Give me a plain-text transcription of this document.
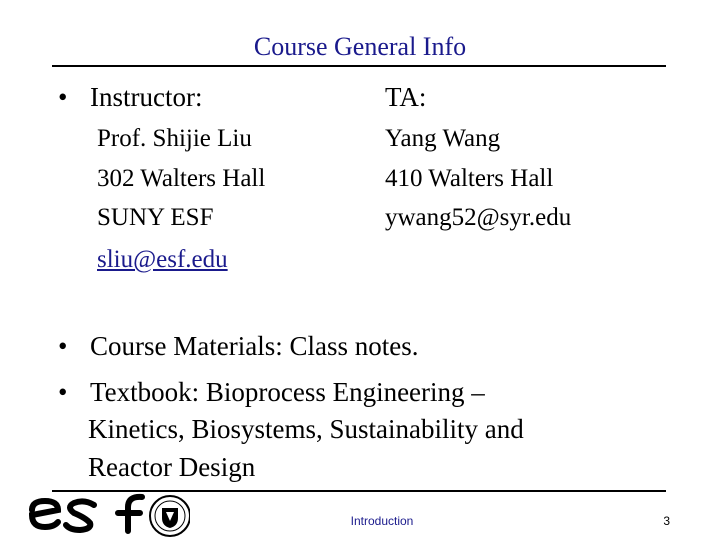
Course General Info
• Instructor:	TA:
Prof. Shijie Liu
302 Walters Hall
SUNY ESF
sliu@esf.edu
Yang Wang
410 Walters Hall
ywang52@syr.edu
• Course Materials: Class notes.
• Textbook: Bioprocess Engineering –
Kinetics, Biosystems, Sustainability and
Reactor Design
Introduction	3
